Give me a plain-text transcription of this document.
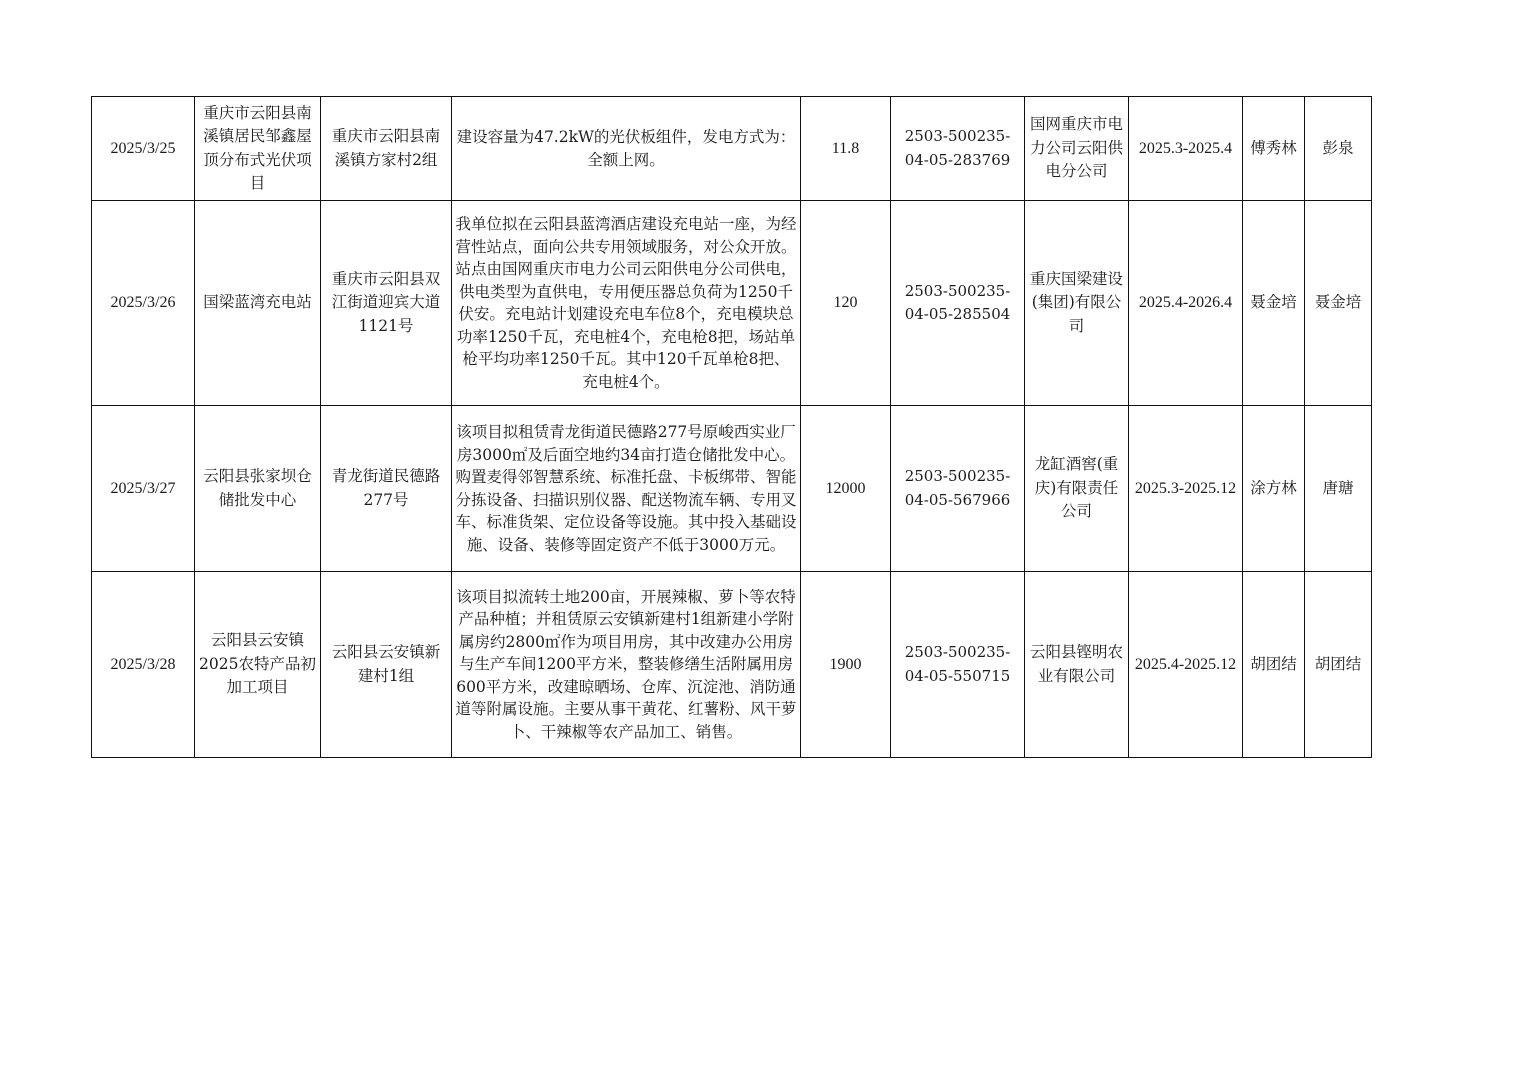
2025/3/25	重庆市云阳县南溪镇居民邹鑫屋顶分布式光伏项目	重庆市云阳县南溪镇方家村2组	建设容量为47.2kW的光伏板组件，发电方式为：全额上网。	11.8	2503-500235-04-05-283769	国网重庆市电力公司云阳供电分公司	2025.3-2025.4	傅秀林	彭泉
2025/3/26	国梁蓝湾充电站	重庆市云阳县双江街道迎宾大道1121号	我单位拟在云阳县蓝湾酒店建设充电站一座，为经营性站点，面向公共专用领域服务，对公众开放。站点由国网重庆市电力公司云阳供电分公司供电，供电类型为直供电，专用便压器总负荷为1250千伏安。充电站计划建设充电车位8个，充电模块总功率1250千瓦，充电桩4个，充电枪8把，场站单枪平均功率1250千瓦。其中120千瓦单枪8把、充电桩4个。	120	2503-500235-04-05-285504	重庆国梁建设(集团)有限公司	2025.4-2026.4	聂金培	聂金培
2025/3/27	云阳县张家坝仓储批发中心	青龙街道民德路277号	该项目拟租赁青龙街道民德路277号原峻西实业厂房3000㎡及后面空地约34亩打造仓储批发中心。购置麦得邻智慧系统、标准托盘、卡板绑带、智能分拣设备、扫描识别仪器、配送物流车辆、专用叉车、标准货架、定位设备等设施。其中投入基础设施、设备、装修等固定资产不低于3000万元。	12000	2503-500235-04-05-567966	龙缸酒窖(重庆)有限责任公司	2025.3-2025.12	涂方林	唐瑭
2025/3/28	云阳县云安镇2025农特产品初加工项目	云阳县云安镇新建村1组	该项目拟流转土地200亩，开展辣椒、萝卜等农特产品种植；并租赁原云安镇新建村1组新建小学附属房约2800㎡作为项目用房，其中改建办公用房与生产车间1200平方米，整装修缮生活附属用房600平方米，改建晾晒场、仓库、沉淀池、消防通道等附属设施。主要从事干黄花、红薯粉、风干萝卜、干辣椒等农产品加工、销售。	1900	2503-500235-04-05-550715	云阳县铿明农业有限公司	2025.4-2025.12	胡团结	胡团结
